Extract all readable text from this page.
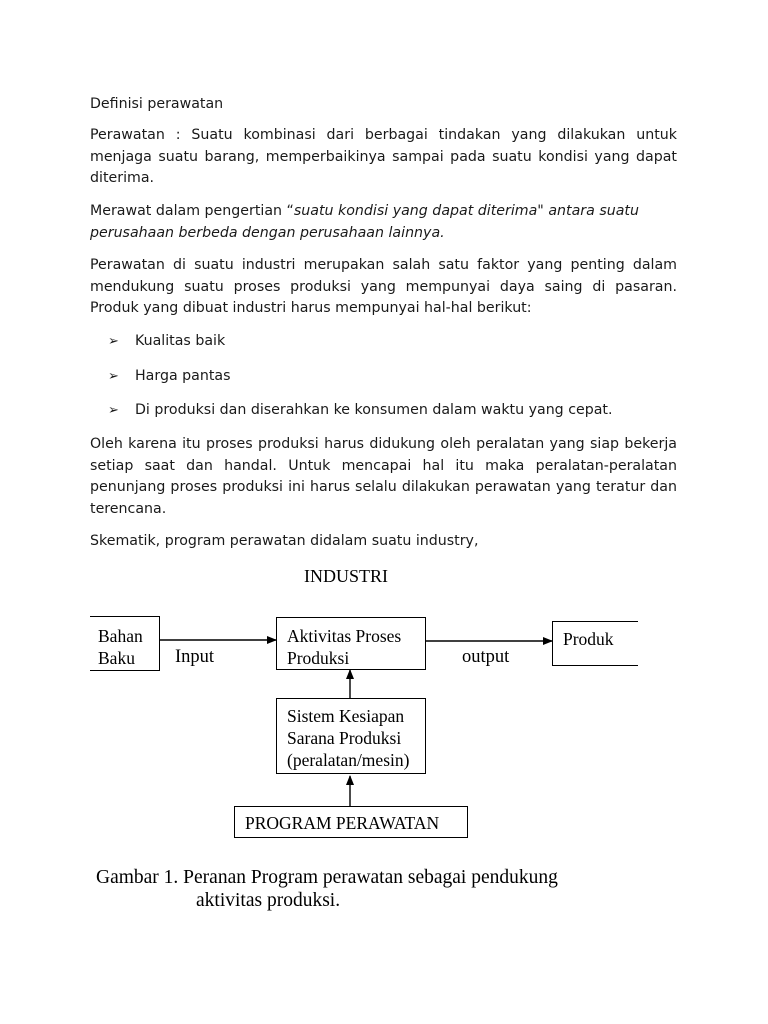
Definisi perawatan
Perawatan : Suatu kombinasi dari berbagai tindakan yang dilakukan untuk menjaga suatu barang, memperbaikinya sampai pada suatu kondisi yang dapat diterima.
Merawat dalam pengertian “suatu kondisi yang dapat diterima" antara suatu perusahaan berbeda dengan perusahaan lainnya.
Perawatan di suatu industri merupakan salah satu faktor yang penting dalam mendukung suatu proses produksi yang mempunyai daya saing di pasaran. Produk yang dibuat industri harus mempunyai hal-hal berikut:
➢ Kualitas baik
➢ Harga pantas
➢ Di produksi dan diserahkan ke konsumen dalam waktu yang cepat.
Oleh karena itu proses produksi harus didukung oleh peralatan yang siap bekerja setiap saat dan handal. Untuk mencapai hal itu maka peralatan-peralatan penunjang proses produksi ini harus selalu dilakukan perawatan yang teratur dan terencana.
Skematik, program perawatan didalam suatu industry,
INDUSTRI
Bahan
Baku	Input
Aktivitas Proses
Produksi	output
Produk
Sistem Kesiapan
Sarana Produksi
(peralatan/mesin)
PROGRAM PERAWATAN
Gambar 1. Peranan Program perawatan sebagai pendukung
aktivitas produksi.
